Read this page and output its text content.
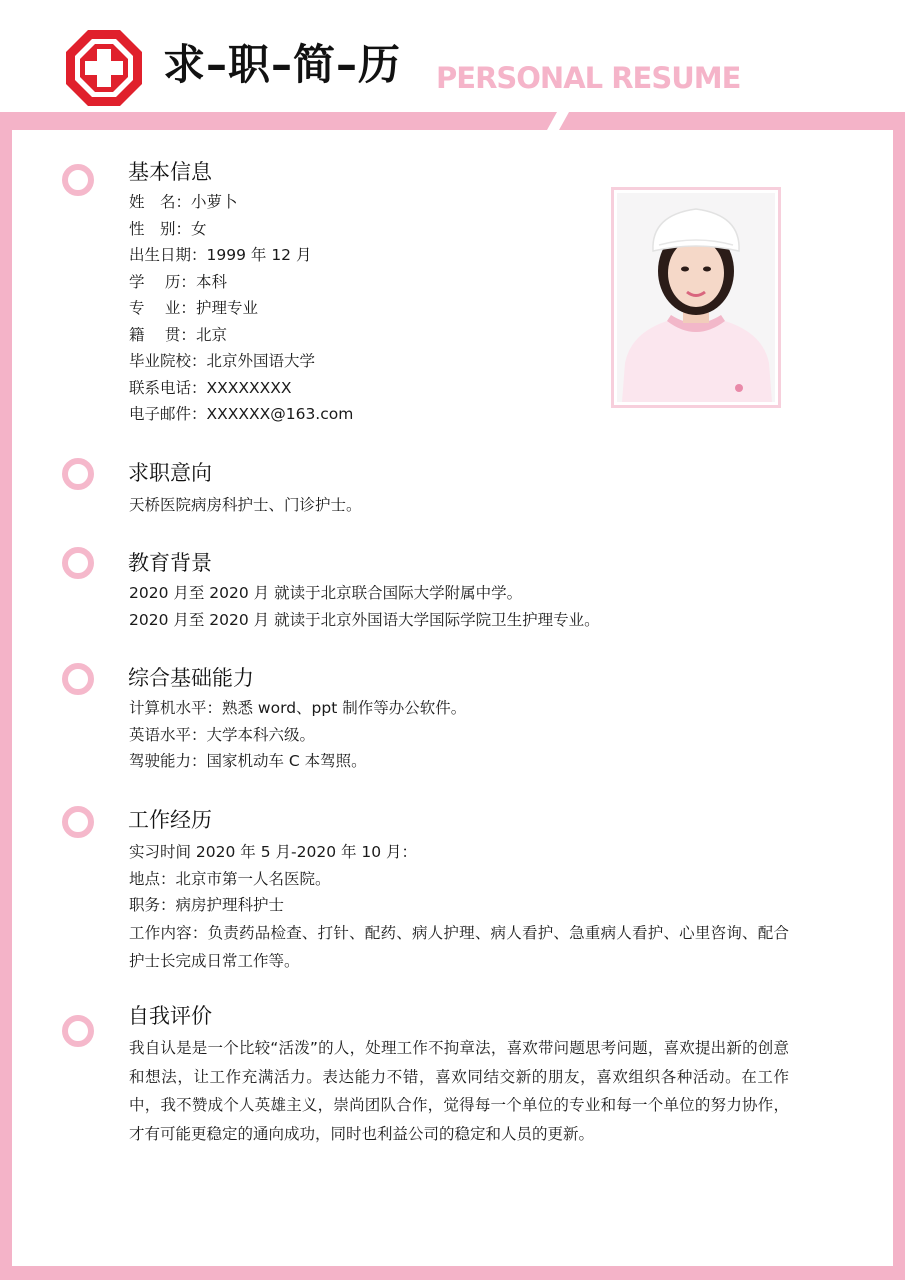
求–职–简–历 PERSONAL RESUME
基本信息
姓　名：小萝卜
性　别：女
出生日期：1999 年 12 月
学　 历：本科
专　 业：护理专业
籍　 贯：北京
毕业院校：北京外国语大学
联系电话：XXXXXXXX
电子邮件：XXXXXX@163.com
求职意向
天桥医院病房科护士、门诊护士。
教育背景
2020 月至 2020 月 就读于北京联合国际大学附属中学。
2020 月至 2020 月 就读于北京外国语大学国际学院卫生护理专业。
综合基础能力
计算机水平：熟悉 word、ppt 制作等办公软件。
英语水平：大学本科六级。
驾驶能力：国家机动车 C 本驾照。
工作经历
实习时间 2020 年 5 月-2020 年 10 月：
地点：北京市第一人名医院。
职务：病房护理科护士
工作内容：负责药品检查、打针、配药、病人护理、病人看护、急重病人看护、心里咨询、配合护士长完成日常工作等。
自我评价
我自认是是一个比较“活泼”的人，处理工作不拘章法，喜欢带问题思考问题，喜欢提出新的创意和想法，让工作充满活力。表达能力不错，喜欢同结交新的朋友，喜欢组织各种活动。在工作中，我不赞成个人英雄主义，崇尚团队合作，觉得每一个单位的专业和每一个单位的努力协作，才有可能更稳定的通向成功，同时也利益公司的稳定和人员的更新。
